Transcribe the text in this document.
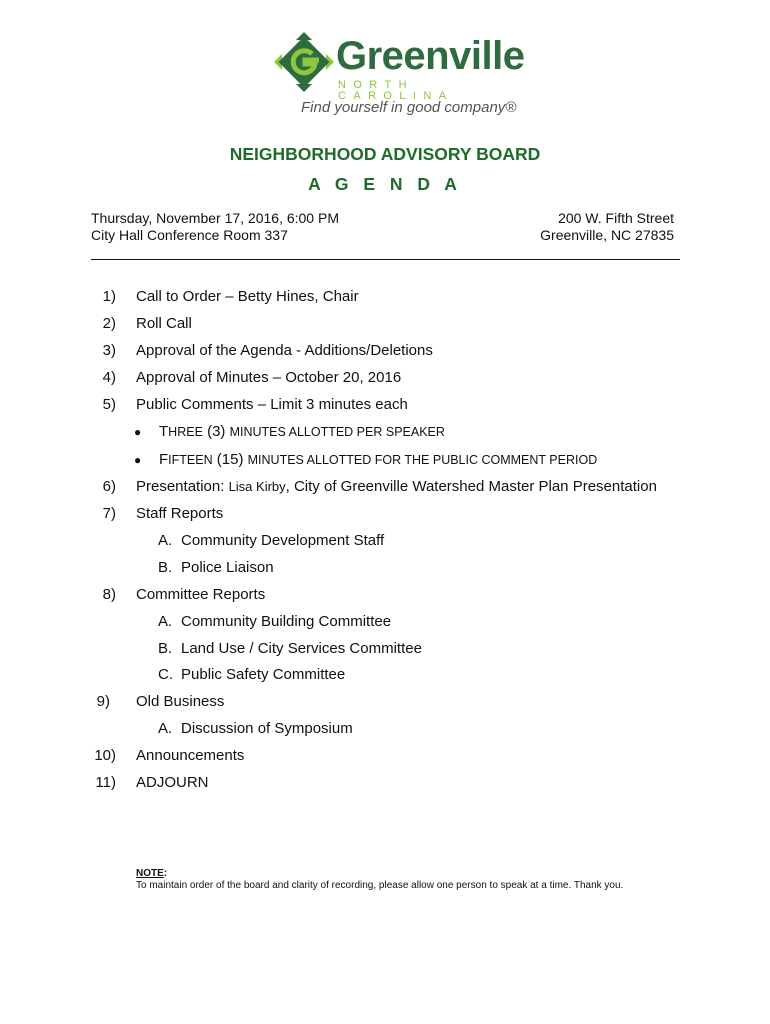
Greenville
NORTH CAROLINA
Find yourself in good company®
NEIGHBORHOOD ADVISORY BOARD
A G E N D A
Thursday, November 17, 2016, 6:00 PM
City Hall Conference Room 337
200 W. Fifth Street
Greenville, NC 27835
1) Call to Order – Betty Hines, Chair
2) Roll Call
3) Approval of the Agenda - Additions/Deletions
4) Approval of Minutes – October 20, 2016
5) Public Comments – Limit 3 minutes each
● THREE (3) MINUTES ALLOTTED PER SPEAKER
● FIFTEEN (15) MINUTES ALLOTTED FOR THE PUBLIC COMMENT PERIOD
6) Presentation: Lisa Kirby, City of Greenville Watershed Master Plan Presentation
7) Staff Reports
A. Community Development Staff
B. Police Liaison
8) Committee Reports
A. Community Building Committee
B. Land Use / City Services Committee
C. Public Safety Committee
9) Old Business
A. Discussion of Symposium
10) Announcements
11) ADJOURN
NOTE:
To maintain order of the board and clarity of recording, please allow one person to speak at a time. Thank you.
